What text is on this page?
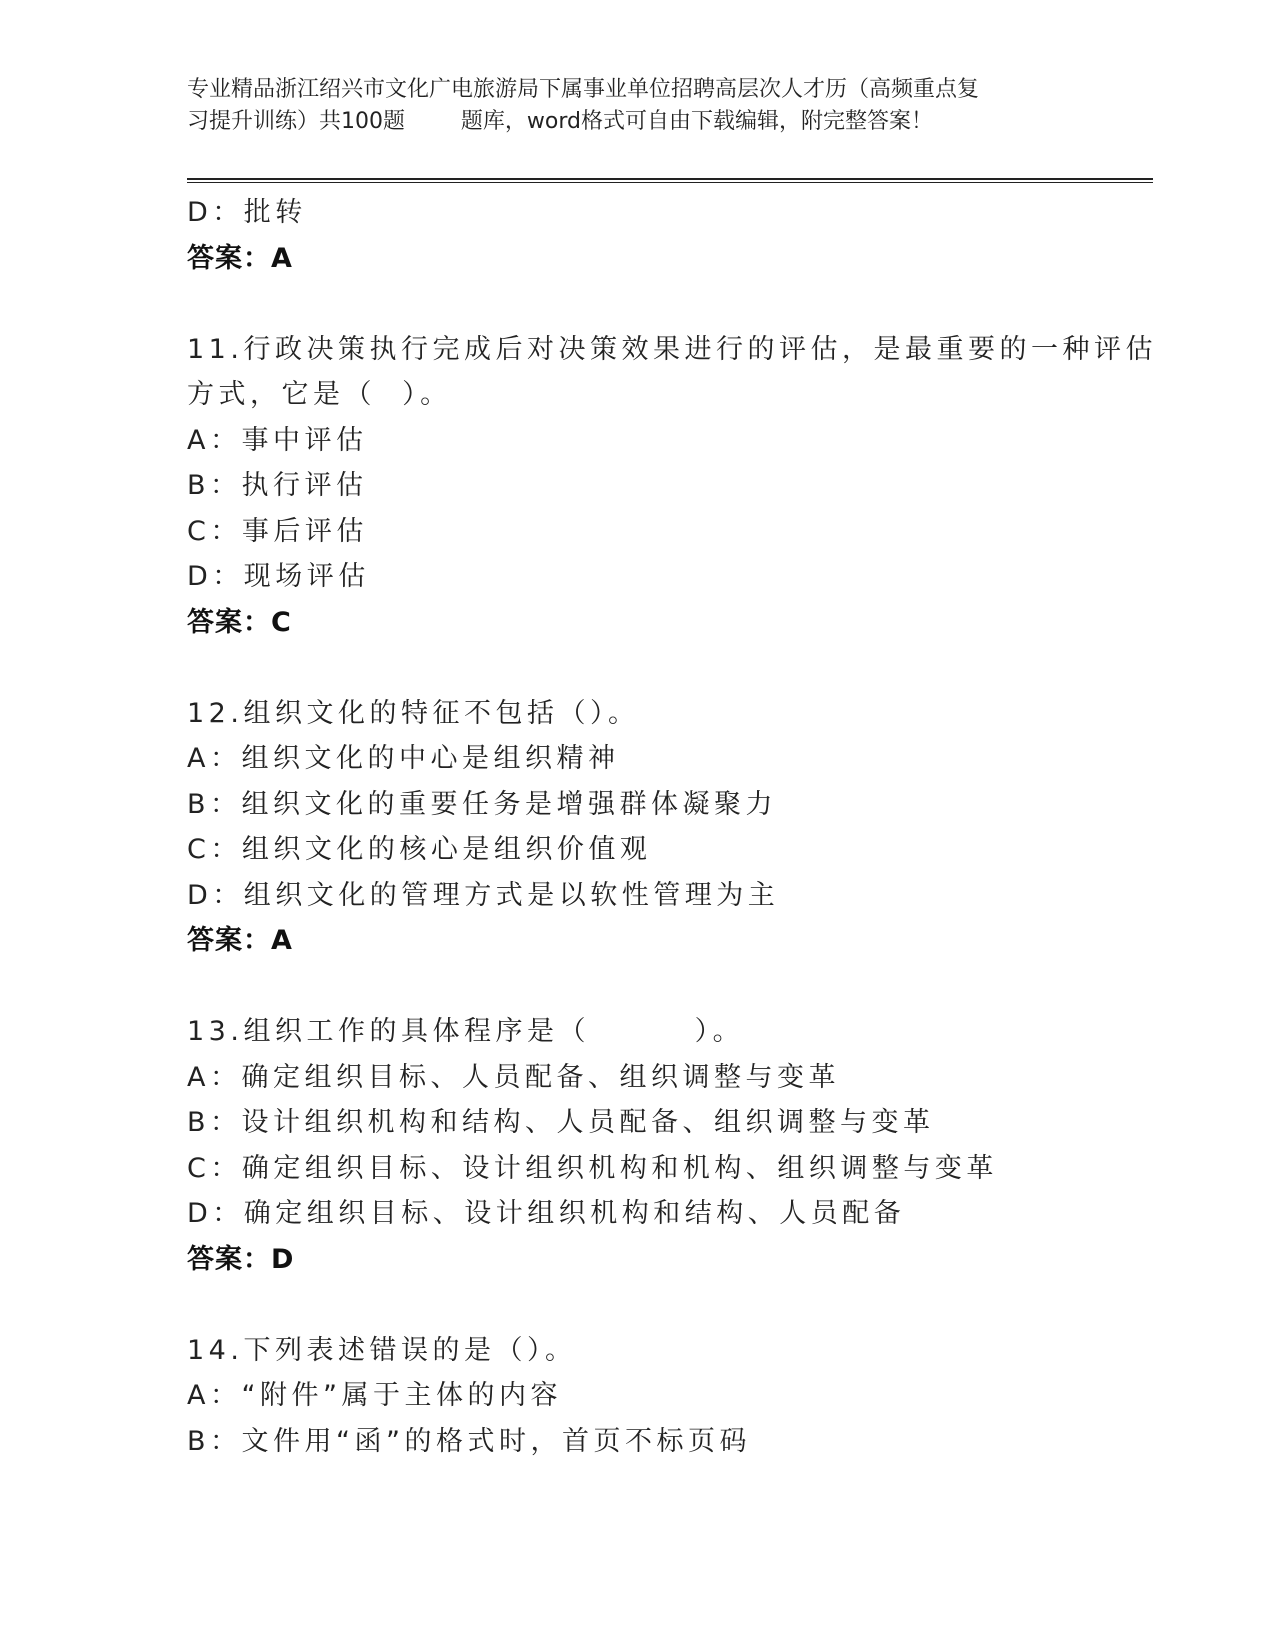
专业精品浙江绍兴市文化广电旅游局下属事业单位招聘高层次人才历（高频重点复
习提升训练）共100题        题库，word格式可自由下载编辑，附完整答案！
D：批转
答案：A
11.行政决策执行完成后对决策效果进行的评估，是最重要的一种评估
方式，它是（  ）。
A：事中评估
B：执行评估
C：事后评估
D：现场评估
答案：C
12.组织文化的特征不包括（）。
A：组织文化的中心是组织精神
B：组织文化的重要任务是增强群体凝聚力
C：组织文化的核心是组织价值观
D：组织文化的管理方式是以软性管理为主
答案：A
13.组织工作的具体程序是（        ）。
A：确定组织目标、人员配备、组织调整与变革
B：设计组织机构和结构、人员配备、组织调整与变革
C：确定组织目标、设计组织机构和机构、组织调整与变革
D：确定组织目标、设计组织机构和结构、人员配备
答案：D
14.下列表述错误的是（）。
A：“附件”属于主体的内容
B：文件用“函”的格式时，首页不标页码
